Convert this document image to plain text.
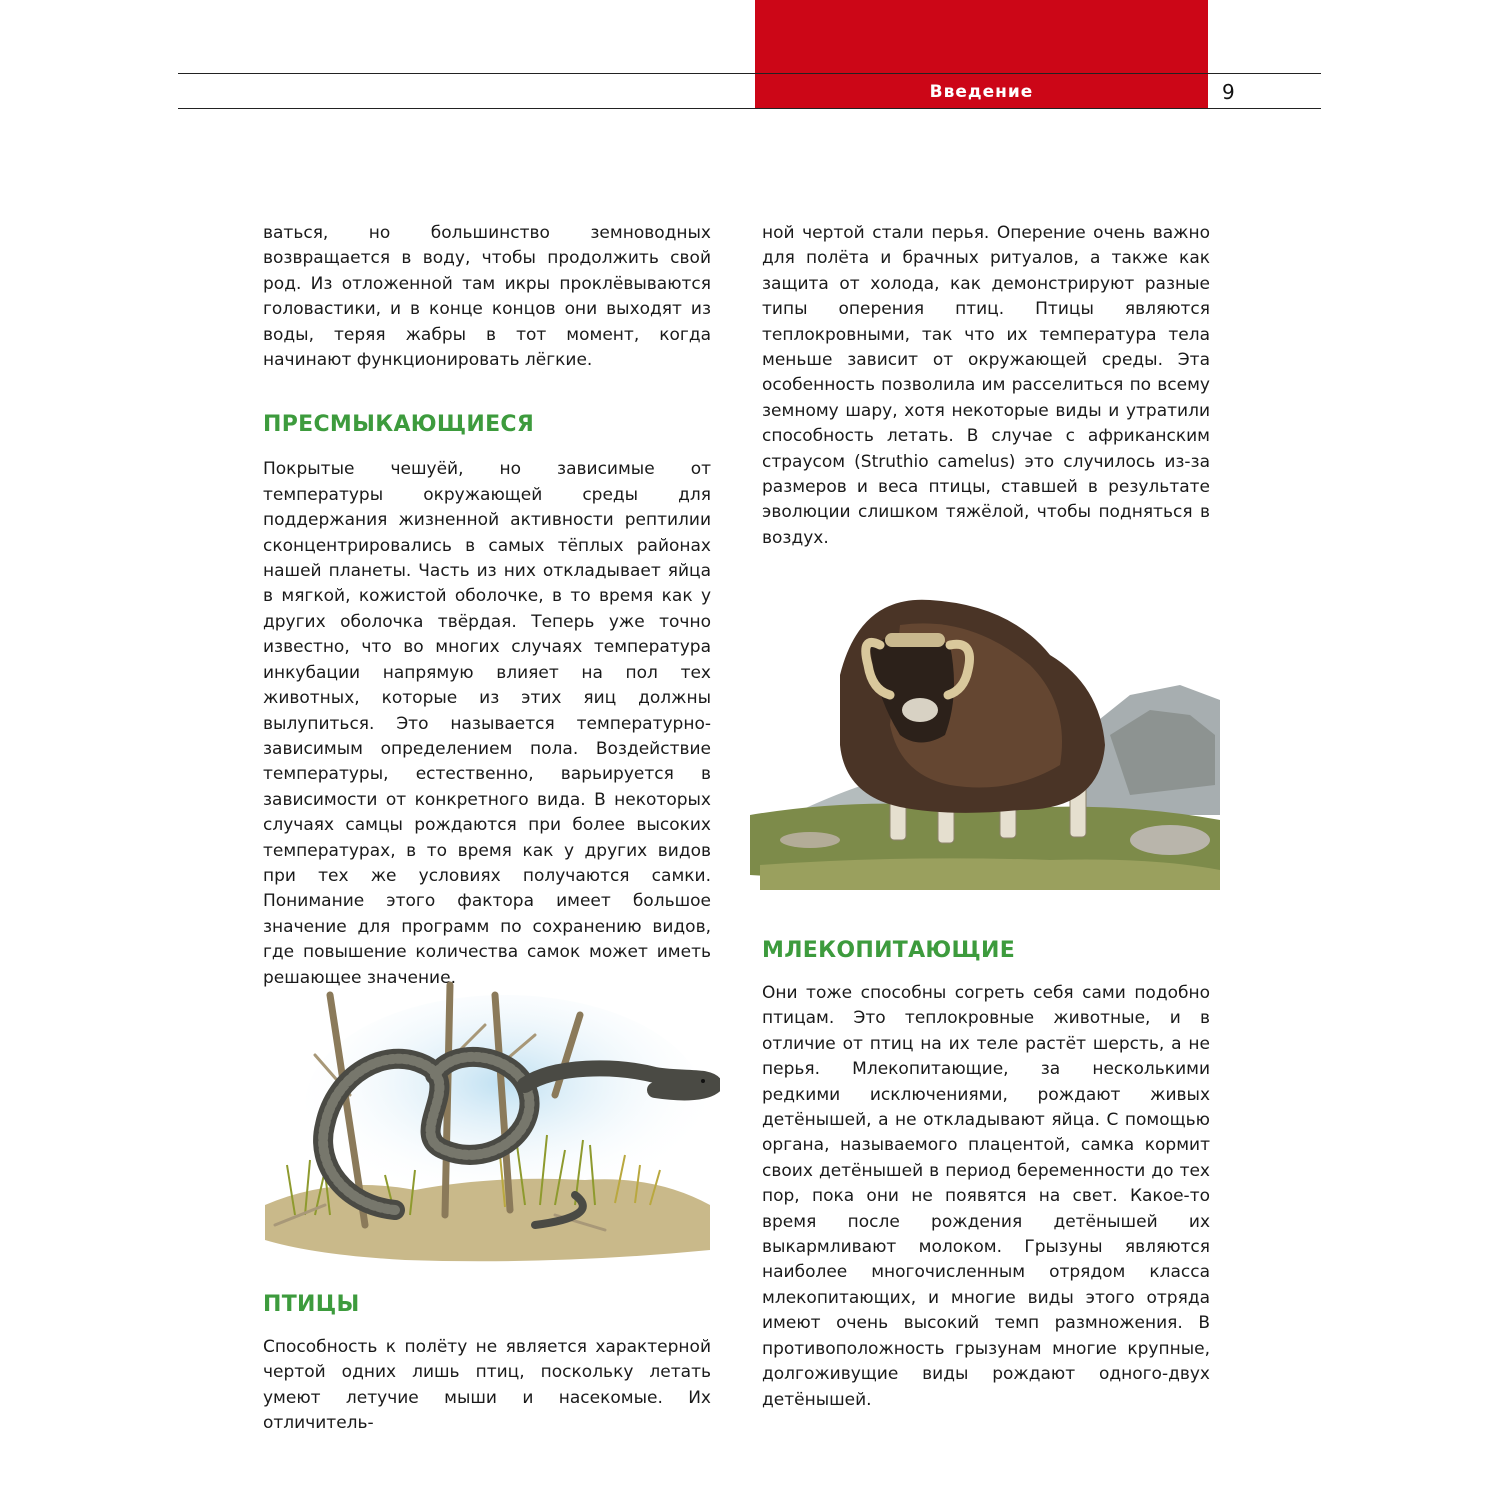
Введение	9

ваться, но большинство земноводных возвращается в воду, чтобы продолжить свой род. Из отложенной там икры проклёвываются головастики, и в конце концов они выходят из воды, теряя жабры в тот момент, когда начинают функционировать лёгкие.

ПРЕСМЫКАЮЩИЕСЯ

Покрытые чешуёй, но зависимые от температуры окружающей среды для поддержания жизненной активности рептилии сконцентрировались в самых тёплых районах нашей планеты. Часть из них откладывает яйца в мягкой, кожистой оболочке, в то время как у других оболочка твёрдая. Теперь уже точно известно, что во многих случаях температура инкубации напрямую влияет на пол тех животных, которые из этих яиц должны вылупиться. Это называется температурно-зависимым определением пола. Воздействие температуры, естественно, варьируется в зависимости от конкретного вида. В некоторых случаях самцы рождаются при более высоких температурах, в то время как у других видов при тех же условиях получаются самки. Понимание этого фактора имеет большое значение для программ по сохранению видов, где повышение количества самок может иметь решающее значение.

ПТИЦЫ

Способность к полёту не является характерной чертой одних лишь птиц, поскольку летать умеют летучие мыши и насекомые. Их отличитель-

ной чертой стали перья. Оперение очень важно для полёта и брачных ритуалов, а также как защита от холода, как демонстрируют разные типы оперения птиц. Птицы являются теплокровными, так что их температура тела меньше зависит от окружающей среды. Эта особенность позволила им расселиться по всему земному шару, хотя некоторые виды и утратили способность летать. В случае с африканским страусом (Struthio camelus) это случилось из-за размеров и веса птицы, ставшей в результате эволюции слишком тяжёлой, чтобы подняться в воздух.

МЛЕКОПИТАЮЩИЕ

Они тоже способны согреть себя сами подобно птицам. Это теплокровные животные, и в отличие от птиц на их теле растёт шерсть, а не перья. Млекопитающие, за несколькими редкими исключениями, рождают живых детёнышей, а не откладывают яйца. С помощью органа, называемого плацентой, самка кормит своих детёнышей в период беременности до тех пор, пока они не появятся на свет. Какое-то время после рождения детёнышей их выкармливают молоком. Грызуны являются наиболее многочисленным отрядом класса млекопитающих, и многие виды этого отряда имеют очень высокий темп размножения. В противоположность грызунам многие крупные, долгоживущие виды рождают одного-двух детёнышей.
